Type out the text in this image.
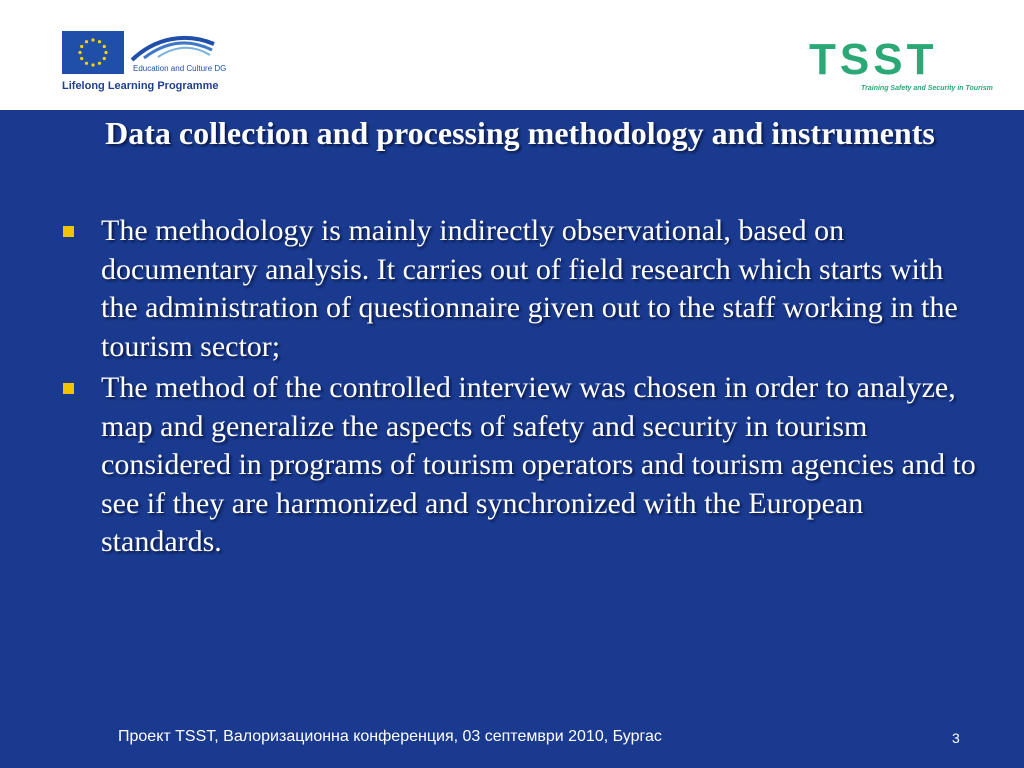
Education and Culture DG
Lifelong Learning Programme
TSST
Training Safety and Security in Tourism
Data collection and processing methodology and instruments
The methodology is mainly indirectly observational, based on documentary analysis. It carries out of field research which starts with the administration of questionnaire given out to the staff working in the tourism sector;
The method of the controlled interview was chosen in order to analyze, map and generalize the aspects of safety and security in tourism considered in programs of tourism operators and tourism agencies and to see if they are harmonized and synchronized with the European standards.
Проект TSST, Валоризационна конференция, 03 септември 2010, Бургас	3
